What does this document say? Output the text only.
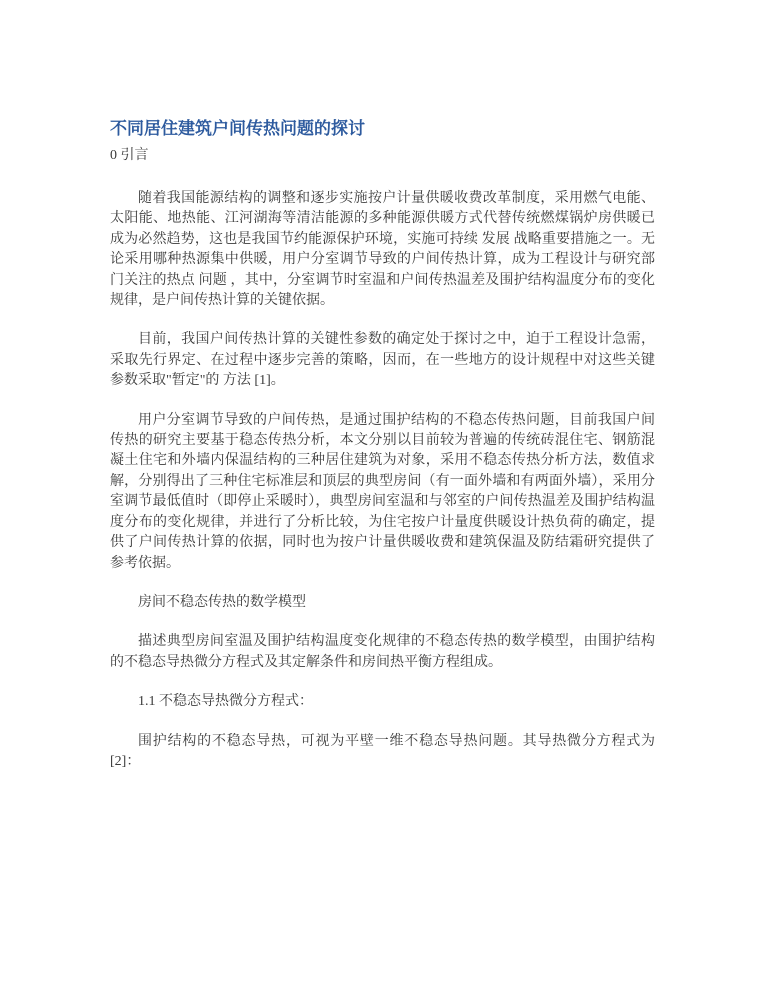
不同居住建筑户间传热问题的探讨
0 引言

随着我国能源结构的调整和逐步实施按户计量供暖收费改革制度，采用燃气电能、太阳能、地热能、江河湖海等清洁能源的多种能源供暖方式代替传统燃煤锅炉房供暖已成为必然趋势，这也是我国节约能源保护环境，实施可持续 发展 战略重要措施之一。无论采用哪种热源集中供暖，用户分室调节导致的户间传热计算，成为工程设计与研究部门关注的热点 问题 ，其中，分室调节时室温和户间传热温差及围护结构温度分布的变化规律，是户间传热计算的关键依据。

目前，我国户间传热计算的关键性参数的确定处于探讨之中，迫于工程设计急需，采取先行界定、在过程中逐步完善的策略，因而，在一些地方的设计规程中对这些关键参数采取"暂定"的 方法 [1]。

用户分室调节导致的户间传热，是通过围护结构的不稳态传热问题，目前我国户间传热的研究主要基于稳态传热分析，本文分别以目前较为普遍的传统砖混住宅、钢筋混凝土住宅和外墙内保温结构的三种居住建筑为对象，采用不稳态传热分析方法，数值求解，分别得出了三种住宅标准层和顶层的典型房间（有一面外墙和有两面外墙），采用分室调节最低值时（即停止采暖时），典型房间室温和与邻室的户间传热温差及围护结构温度分布的变化规律，并进行了分析比较，为住宅按户计量度供暖设计热负荷的确定，提供了户间传热计算的依据，同时也为按户计量供暖收费和建筑保温及防结霜研究提供了参考依据。

房间不稳态传热的数学模型

描述典型房间室温及围护结构温度变化规律的不稳态传热的数学模型，由围护结构的不稳态导热微分方程式及其定解条件和房间热平衡方程组成。

1.1 不稳态导热微分方程式：

围护结构的不稳态导热，可视为平壁一维不稳态导热问题。其导热微分方程式为[2]：
